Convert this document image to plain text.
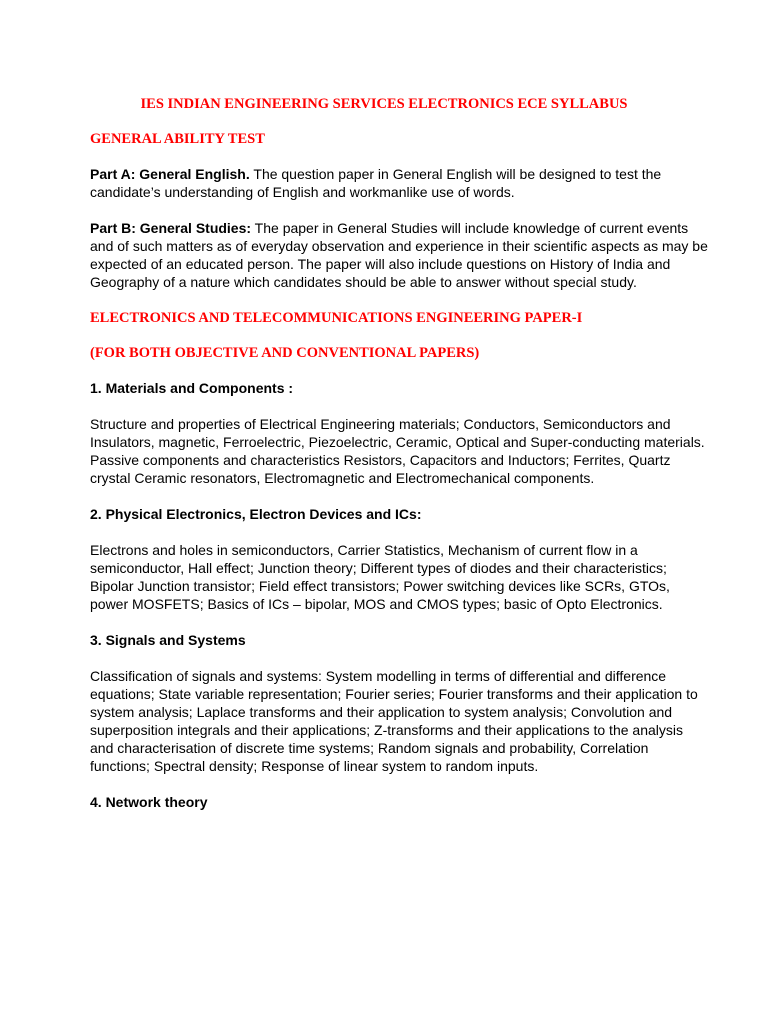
IES INDIAN ENGINEERING SERVICES ELECTRONICS ECE SYLLABUS

GENERAL ABILITY TEST

Part A: General English. The question paper in General English will be designed to test the candidate’s understanding of English and workmanlike use of words.

Part B: General Studies: The paper in General Studies will include knowledge of current events and of such matters as of everyday observation and experience in their scientific aspects as may be expected of an educated person. The paper will also include questions on History of India and Geography of a nature which candidates should be able to answer without special study.

ELECTRONICS AND TELECOMMUNICATIONS ENGINEERING PAPER-I

(FOR BOTH OBJECTIVE AND CONVENTIONAL PAPERS)

1. Materials and Components :

Structure and properties of Electrical Engineering materials; Conductors, Semiconductors and Insulators, magnetic, Ferroelectric, Piezoelectric, Ceramic, Optical and Super-conducting materials. Passive components and characteristics Resistors, Capacitors and Inductors; Ferrites, Quartz crystal Ceramic resonators, Electromagnetic and Electromechanical components.

2. Physical Electronics, Electron Devices and ICs:

Electrons and holes in semiconductors, Carrier Statistics, Mechanism of current flow in a semiconductor, Hall effect; Junction theory; Different types of diodes and their characteristics; Bipolar Junction transistor; Field effect transistors; Power switching devices like SCRs, GTOs, power MOSFETS; Basics of ICs – bipolar, MOS and CMOS types; basic of Opto Electronics.

3. Signals and Systems

Classification of signals and systems: System modelling in terms of differential and difference equations; State variable representation; Fourier series; Fourier transforms and their application to system analysis; Laplace transforms and their application to system analysis; Convolution and superposition integrals and their applications; Z-transforms and their applications to the analysis and characterisation of discrete time systems; Random signals and probability, Correlation functions; Spectral density; Response of linear system to random inputs.

4. Network theory
